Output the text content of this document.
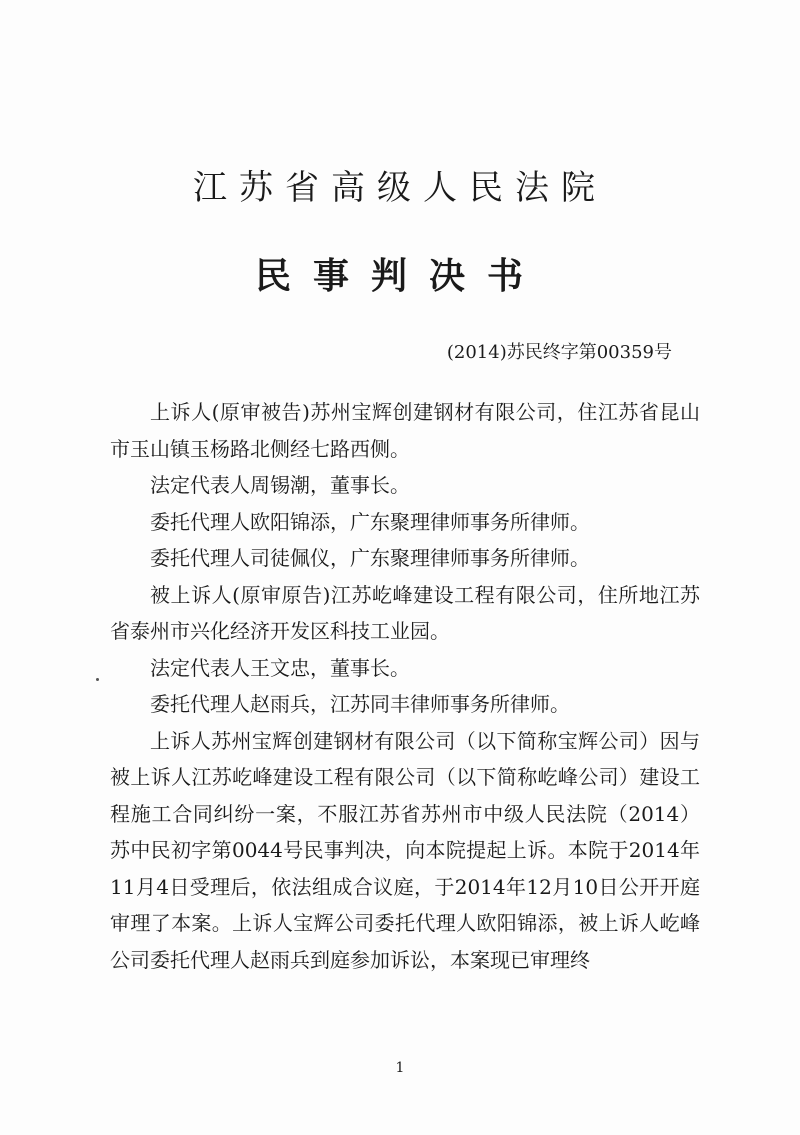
江苏省高级人民法院
民事判决书

(2014)苏民终字第00359号

上诉人(原审被告)苏州宝辉创建钢材有限公司，住江苏省昆山市玉山镇玉杨路北侧经七路西侧。

法定代表人周锡潮，董事长。

委托代理人欧阳锦添，广东聚理律师事务所律师。

委托代理人司徒佩仪，广东聚理律师事务所律师。

被上诉人(原审原告)江苏屹峰建设工程有限公司，住所地江苏省泰州市兴化经济开发区科技工业园。

法定代表人王文忠，董事长。

委托代理人赵雨兵，江苏同丰律师事务所律师。

上诉人苏州宝辉创建钢材有限公司（以下简称宝辉公司）因与被上诉人江苏屹峰建设工程有限公司（以下简称屹峰公司）建设工程施工合同纠纷一案，不服江苏省苏州市中级人民法院（2014）苏中民初字第0044号民事判决，向本院提起上诉。本院于2014年11月4日受理后，依法组成合议庭，于2014年12月10日公开开庭审理了本案。上诉人宝辉公司委托代理人欧阳锦添，被上诉人屹峰公司委托代理人赵雨兵到庭参加诉讼，本案现已审理终

1
